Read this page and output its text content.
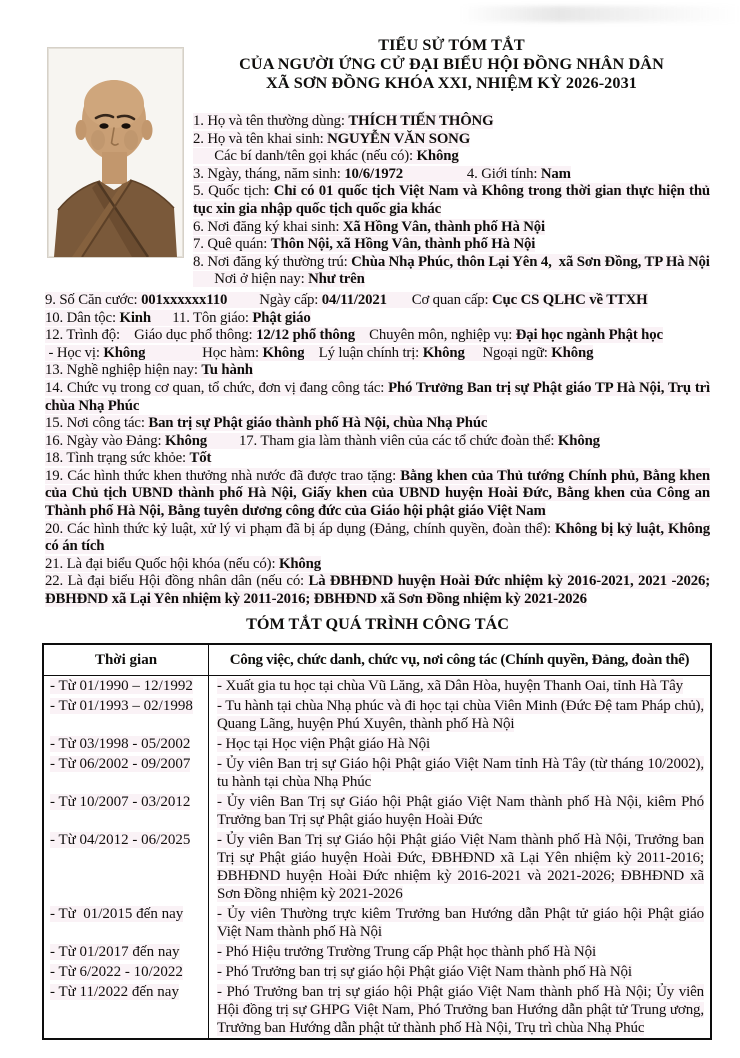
TIỂU SỬ TÓM TẮT
CỦA NGƯỜI ỨNG CỬ ĐẠI BIỂU HỘI ĐỒNG NHÂN DÂN
XÃ SƠN ĐỒNG KHÓA XXI, NHIỆM KỲ 2026-2031

1. Họ và tên thường dùng: THÍCH TIẾN THÔNG

2. Họ và tên khai sinh: NGUYỄN VĂN SONG

Các bí danh/tên gọi khác (nếu có): Không

3. Ngày, tháng, năm sinh: 10/6/1972	4. Giới tính: Nam

5. Quốc tịch: Chỉ có 01 quốc tịch Việt Nam và Không trong thời gian thực hiện thủ tục xin gia nhập quốc tịch quốc gia khác

6. Nơi đăng ký khai sinh: Xã Hồng Vân, thành phố Hà Nội

7. Quê quán: Thôn Nội, xã Hồng Vân, thành phố Hà Nội

8. Nơi đăng ký thường trú: Chùa Nhạ Phúc, thôn Lại Yên 4,  xã Sơn Đồng, TP Hà Nội

Nơi ở hiện nay: Như trên

9. Số Căn cước: 001xxxxxx110 Ngày cấp: 04/11/2021 Cơ quan cấp: Cục CS QLHC về TTXH

10. Dân tộc: Kinh 11. Tôn giáo: Phật giáo

12. Trình độ:    Giáo dục phổ thông: 12/12 phổ thông    Chuyên môn, nghiệp vụ: Đại học ngành Phật học

- Học vị: Không	Học hàm: Không    Lý luận chính trị: Không     Ngoại ngữ: Không

13. Nghề nghiệp hiện nay: Tu hành

14. Chức vụ trong cơ quan, tổ chức, đơn vị đang công tác: Phó Trưởng Ban trị sự Phật giáo TP Hà Nội, Trụ trì chùa Nhạ Phúc

15. Nơi công tác: Ban trị sự Phật giáo thành phố Hà Nội, chùa Nhạ Phúc

16. Ngày vào Đảng: Không 17. Tham gia làm thành viên của các tổ chức đoàn thể: Không

18. Tình trạng sức khỏe: Tốt

19. Các hình thức khen thưởng nhà nước đã được trao tặng: Bằng khen của Thủ tướng Chính phủ, Bằng khen của Chủ tịch UBND thành phố Hà Nội, Giấy khen của UBND huyện Hoài Đức, Bằng khen của Công an Thành phố Hà Nội, Bằng tuyên dương công đức của Giáo hội phật giáo Việt Nam

20. Các hình thức kỷ luật, xử lý vi phạm đã bị áp dụng (Đảng, chính quyền, đoàn thể): Không bị kỷ luật, Không có án tích

21. Là đại biểu Quốc hội khóa (nếu có): Không

22. Là đại biểu Hội đồng nhân dân (nếu có: Là ĐBHĐND huyện Hoài Đức nhiệm kỳ 2016-2021, 2021 -2026; ĐBHĐND xã Lại Yên nhiệm kỳ 2011-2016; ĐBHĐND xã Sơn Đồng nhiệm kỳ 2021-2026

TÓM TẮT QUÁ TRÌNH CÔNG TÁC
Thời gian	Công việc, chức danh, chức vụ, nơi công tác (Chính quyền, Đảng, đoàn thể)
- Từ 01/1990 – 12/1992	- Xuất gia tu học tại chùa Vũ Lăng, xã Dân Hòa, huyện Thanh Oai, tỉnh Hà Tây
- Từ 01/1993 – 02/1998	- Tu hành tại chùa Nhạ phúc và đi học tại chùa Viên Minh (Đức Đệ tam Pháp chủ), Quang Lãng, huyện Phú Xuyên, thành phố Hà Nội
- Từ 03/1998 - 05/2002	- Học tại Học viện Phật giáo Hà Nội
- Từ 06/2002 - 09/2007	- Ủy viên Ban trị sự Giáo hội Phật giáo Việt Nam tỉnh Hà Tây (từ tháng 10/2002), tu hành tại chùa Nhạ Phúc
- Từ 10/2007 - 03/2012	- Ủy viên Ban Trị sự Giáo hội Phật giáo Việt Nam thành phố Hà Nội, kiêm Phó Trưởng ban Trị sự Phật giáo huyện Hoài Đức
- Từ 04/2012 - 06/2025	- Ủy viên Ban Trị sự Giáo hội Phật giáo Việt Nam thành phố Hà Nội, Trưởng ban Trị sự Phật giáo huyện Hoài Đức, ĐBHĐND xã Lại Yên nhiệm kỳ 2011-2016; ĐBHĐND huyện Hoài Đức nhiệm kỳ 2016-2021 và 2021-2026; ĐBHĐND xã Sơn Đồng nhiệm kỳ 2021-2026
- Từ  01/2015 đến nay	- Ủy viên Thường trực kiêm Trưởng ban Hướng dẫn Phật tử giáo hội Phật giáo Việt Nam thành phố Hà Nội
- Từ 01/2017 đến nay	- Phó Hiệu trưởng Trường Trung cấp Phật học thành phố Hà Nội
- Từ 6/2022 - 10/2022	- Phó Trưởng ban trị sự giáo hội Phật giáo Việt Nam thành phố Hà Nội
- Từ 11/2022 đến nay	- Phó Trưởng ban trị sự giáo hội Phật giáo Việt Nam thành phố Hà Nội; Ủy viên Hội đồng trị sự GHPG Việt Nam, Phó Trưởng ban Hướng dẫn phật tử Trung ương, Trưởng ban Hướng dẫn phật tử thành phố Hà Nội, Trụ trì chùa Nhạ Phúc
